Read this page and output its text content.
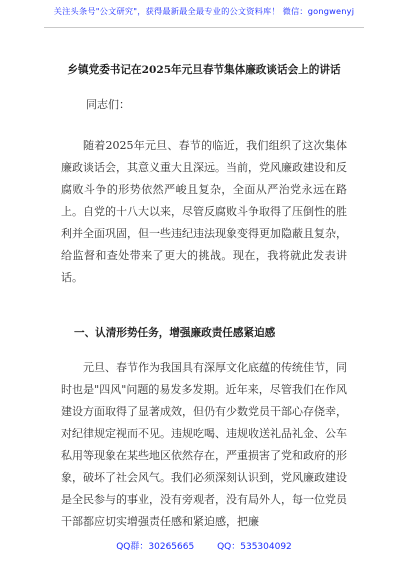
关注头条号"公文研究"，获得最新最全最专业的公文资料库！ 微信：gongwenyj
乡镇党委书记在2025年元旦春节集体廉政谈话会上的讲话
同志们：

随着2025年元旦、春节的临近，我们组织了这次集体廉政谈话会，其意义重大且深远。当前，党风廉政建设和反腐败斗争的形势依然严峻且复杂，全面从严治党永远在路上。自党的十八大以来，尽管反腐败斗争取得了压倒性的胜利并全面巩固，但一些违纪违法现象变得更加隐蔽且复杂，给监督和查处带来了更大的挑战。现在，我将就此发表讲话。

一、认清形势任务，增强廉政责任感紧迫感

元旦、春节作为我国具有深厚文化底蕴的传统佳节，同时也是"四风"问题的易发多发期。近年来，尽管我们在作风建设方面取得了显著成效，但仍有少数党员干部心存侥幸，对纪律规定视而不见。违规吃喝、违规收送礼品礼金、公车私用等现象在某些地区依然存在，严重损害了党和政府的形象，破坏了社会风气。我们必须深刻认识到，党风廉政建设是全民参与的事业，没有旁观者，没有局外人，每一位党员干部都应切实增强责任感和紧迫感，把廉

QQ群：30265665	QQ：535304092
